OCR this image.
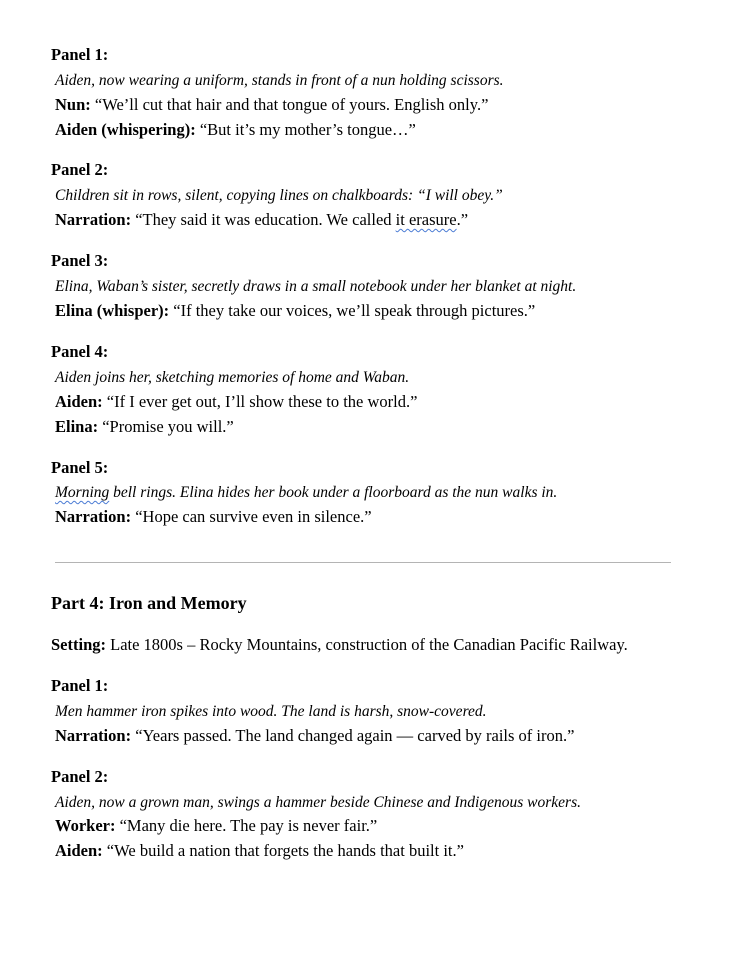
Panel 1:
Aiden, now wearing a uniform, stands in front of a nun holding scissors.
Nun: “We’ll cut that hair and that tongue of yours. English only.”
Aiden (whispering): “But it’s my mother’s tongue…”
Panel 2:
Children sit in rows, silent, copying lines on chalkboards: “I will obey.”
Narration: “They said it was education. We called it erasure.”
Panel 3:
Elina, Waban’s sister, secretly draws in a small notebook under her blanket at night.
Elina (whisper): “If they take our voices, we’ll speak through pictures.”
Panel 4:
Aiden joins her, sketching memories of home and Waban.
Aiden: “If I ever get out, I’ll show these to the world.”
Elina: “Promise you will.”
Panel 5:
Morning bell rings. Elina hides her book under a floorboard as the nun walks in.
Narration: “Hope can survive even in silence.”
Part 4: Iron and Memory
Setting: Late 1800s – Rocky Mountains, construction of the Canadian Pacific Railway.
Panel 1:
Men hammer iron spikes into wood. The land is harsh, snow-covered.
Narration: “Years passed. The land changed again — carved by rails of iron.”
Panel 2:
Aiden, now a grown man, swings a hammer beside Chinese and Indigenous workers.
Worker: “Many die here. The pay is never fair.”
Aiden: “We build a nation that forgets the hands that built it.”
